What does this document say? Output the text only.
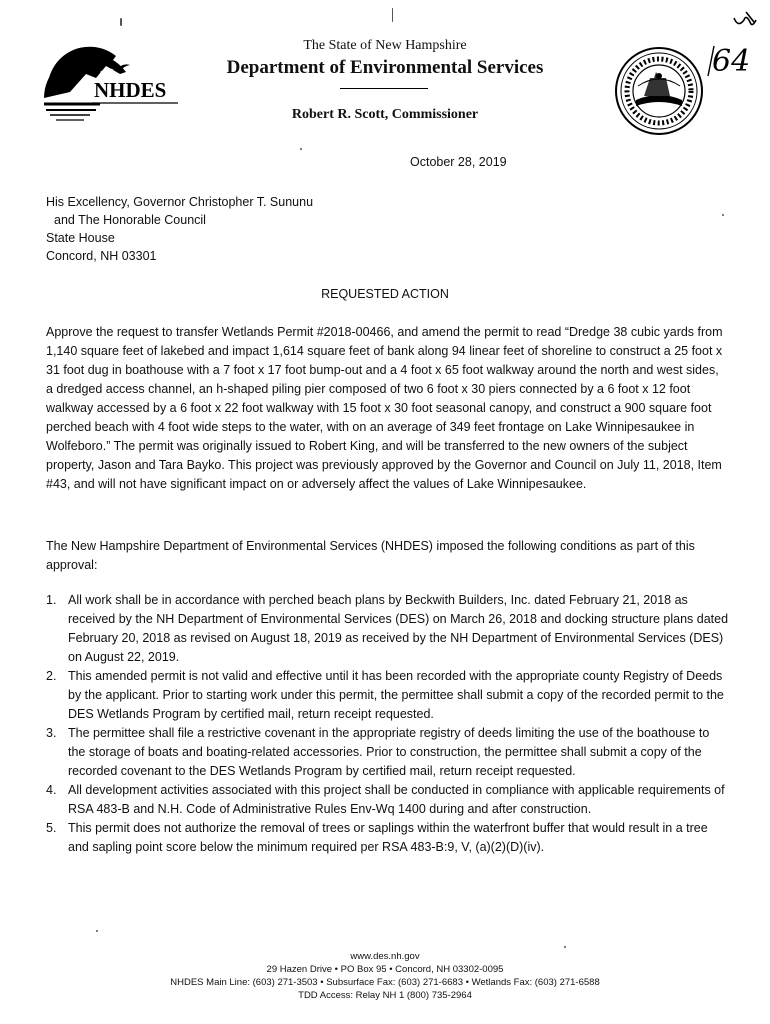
NHDES
The State of New Hampshire
Department of Environmental Services
Robert R. Scott, Commissioner
64
October 28, 2019
His Excellency, Governor Christopher T. Sununu
and The Honorable Council
State House
Concord, NH 03301
REQUESTED ACTION
Approve the request to transfer Wetlands Permit #2018-00466, and amend the permit to read “Dredge 38 cubic yards from 1,140 square feet of lakebed and impact 1,614 square feet of bank along 94 linear feet of shoreline to construct a 25 foot x 31 foot dug in boathouse with a 7 foot x 17 foot bump-out and a 4 foot x 65 foot walkway around the north and west sides, a dredged access channel, an h-shaped piling pier composed of two 6 foot x 30 piers connected by a 6 foot x 12 foot walkway accessed by a 6 foot x 22 foot walkway with 15 foot x 30 foot seasonal canopy, and construct a 900 square foot perched beach with 4 foot wide steps to the water, with on an average of 349 feet frontage on Lake Winnipesaukee in Wolfeboro.” The permit was originally issued to Robert King, and will be transferred to the new owners of the subject property, Jason and Tara Bayko. This project was previously approved by the Governor and Council on July 11, 2018, Item #43, and will not have significant impact on or adversely affect the values of Lake Winnipesaukee.
The New Hampshire Department of Environmental Services (NHDES) imposed the following conditions as part of this approval:
1. All work shall be in accordance with perched beach plans by Beckwith Builders, Inc. dated February 21, 2018 as received by the NH Department of Environmental Services (DES) on March 26, 2018 and docking structure plans dated February 20, 2018 as revised on August 18, 2019 as received by the NH Department of Environmental Services (DES) on August 22, 2019.
2. This amended permit is not valid and effective until it has been recorded with the appropriate county Registry of Deeds by the applicant. Prior to starting work under this permit, the permittee shall submit a copy of the recorded permit to the DES Wetlands Program by certified mail, return receipt requested.
3. The permittee shall file a restrictive covenant in the appropriate registry of deeds limiting the use of the boathouse to the storage of boats and boating-related accessories. Prior to construction, the permittee shall submit a copy of the recorded covenant to the DES Wetlands Program by certified mail, return receipt requested.
4. All development activities associated with this project shall be conducted in compliance with applicable requirements of RSA 483-B and N.H. Code of Administrative Rules Env-Wq 1400 during and after construction.
5. This permit does not authorize the removal of trees or saplings within the waterfront buffer that would result in a tree and sapling point score below the minimum required per RSA 483-B:9, V, (a)(2)(D)(iv).
www.des.nh.gov
29 Hazen Drive • PO Box 95 • Concord, NH 03302-0095
NHDES Main Line: (603) 271-3503 • Subsurface Fax: (603) 271-6683 • Wetlands Fax: (603) 271-6588
TDD Access: Relay NH 1 (800) 735-2964
